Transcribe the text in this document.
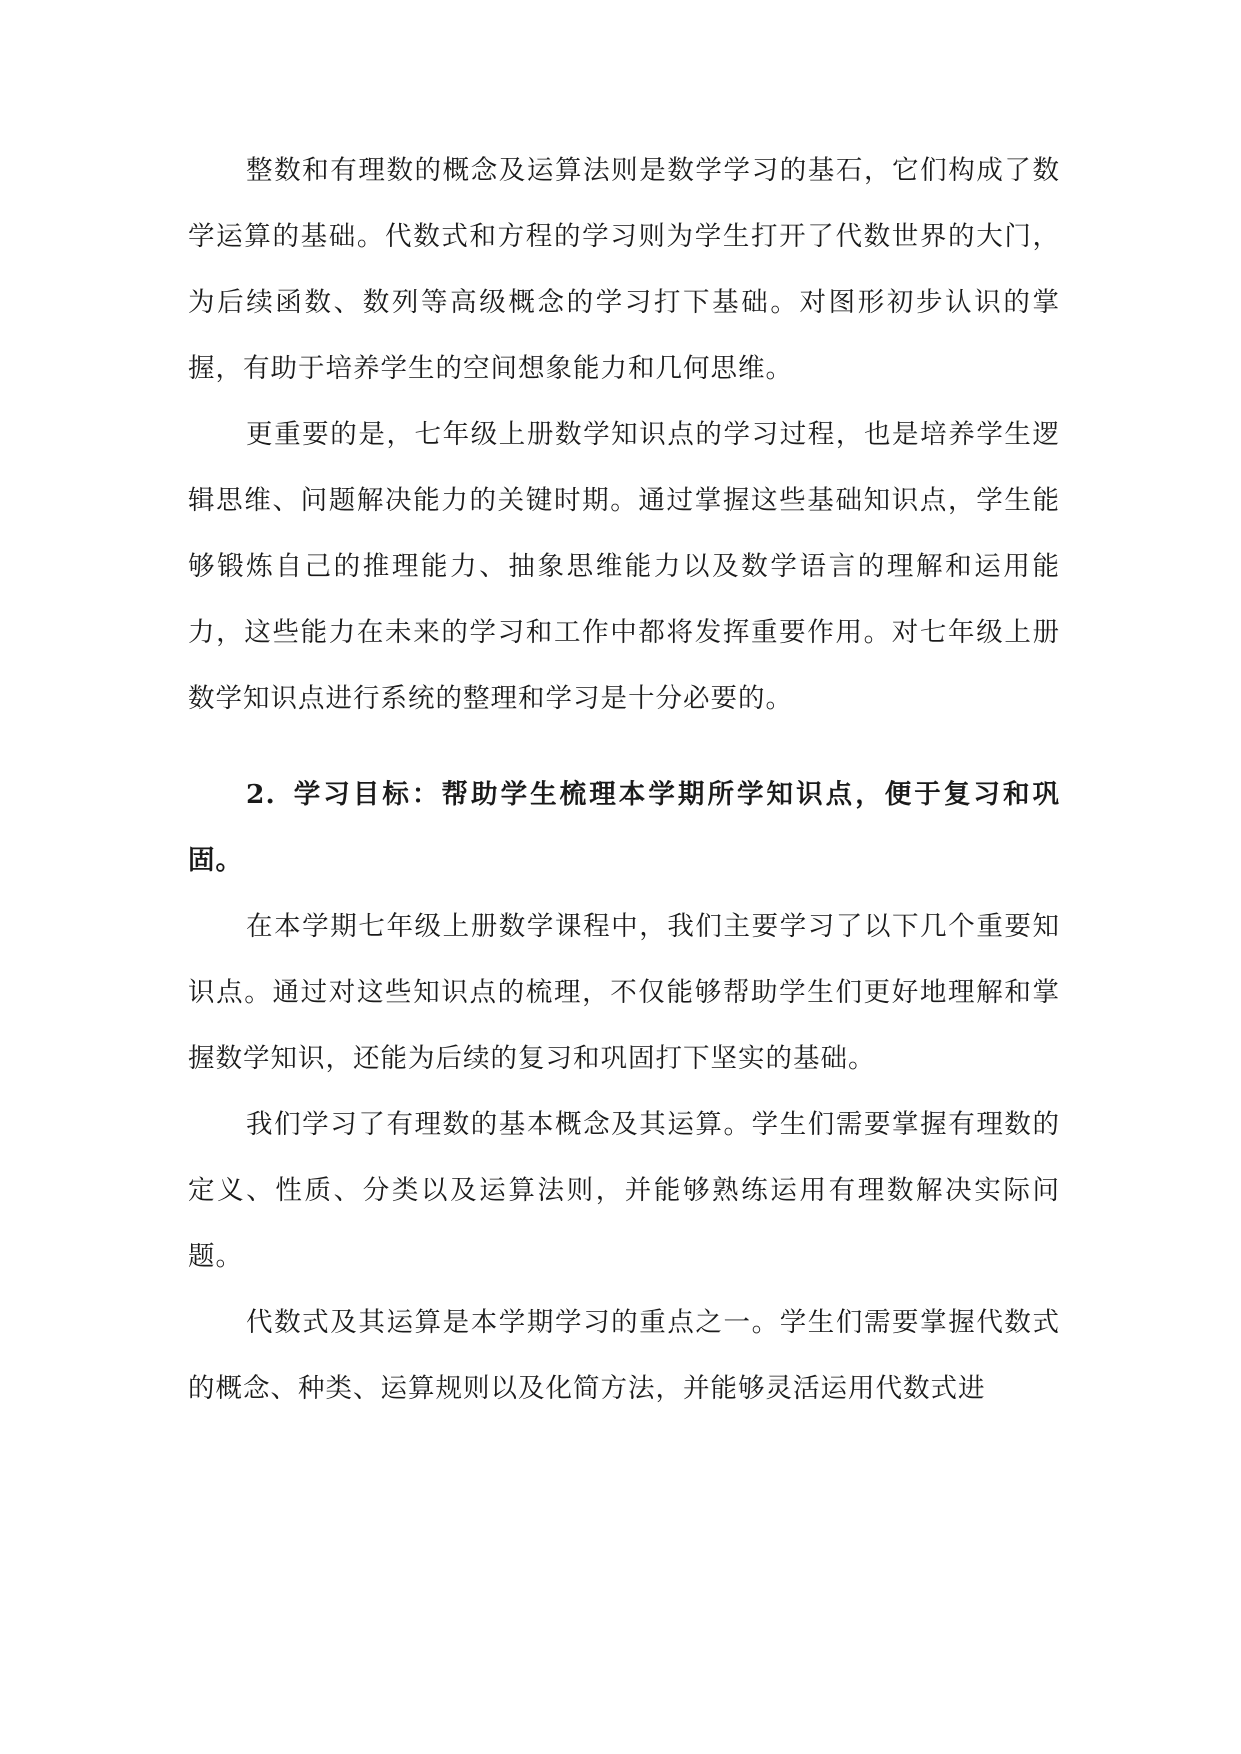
整数和有理数的概念及运算法则是数学学习的基石，它们构成了数学运算的基础。代数式和方程的学习则为学生打开了代数世界的大门，为后续函数、数列等高级概念的学习打下基础。对图形初步认识的掌握，有助于培养学生的空间想象能力和几何思维。

更重要的是，七年级上册数学知识点的学习过程，也是培养学生逻辑思维、问题解决能力的关键时期。通过掌握这些基础知识点，学生能够锻炼自己的推理能力、抽象思维能力以及数学语言的理解和运用能力，这些能力在未来的学习和工作中都将发挥重要作用。对七年级上册数学知识点进行系统的整理和学习是十分必要的。

2. 学习目标：帮助学生梳理本学期所学知识点，便于复习和巩固。

在本学期七年级上册数学课程中，我们主要学习了以下几个重要知识点。通过对这些知识点的梳理，不仅能够帮助学生们更好地理解和掌握数学知识，还能为后续的复习和巩固打下坚实的基础。

我们学习了有理数的基本概念及其运算。学生们需要掌握有理数的定义、性质、分类以及运算法则，并能够熟练运用有理数解决实际问题。

代数式及其运算是本学期学习的重点之一。学生们需要掌握代数式的概念、种类、运算规则以及化简方法，并能够灵活运用代数式进
